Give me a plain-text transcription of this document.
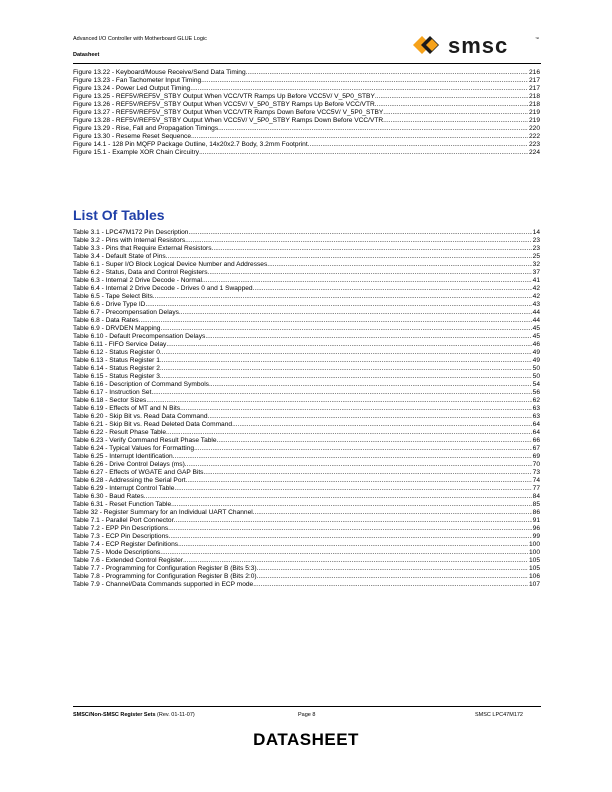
Advanced I/O Controller with Motherboard GLUE Logic
Datasheet	smsc	™
Figure 13.22 - Keyboard/Mouse Receive/Send Data Timing .....	216
Figure 13.23 - Fan Tachometer Input Timing .....	217
Figure 13.24 - Power Led Output Timing .....	217
Figure 13.25 - REF5V/REF5V_STBY Output When VCC/VTR Ramps Up Before VCC5V/ V_5P0_STBY .....	218
Figure 13.26 - REF5V/REF5V_STBY Output When VCC5V/ V_5P0_STBY Ramps Up Before VCC/VTR .....	218
Figure 13.27 - REF5V/REF5V_STBY Output When VCC/VTR Ramps Down Before VCC5V/ V_5P0_STBY .....	219
Figure 13.28 - REF5V/REF5V_STBY Output When VCC5V/ V_5P0_STBY Ramps Down Before VCC/VTR .....	219
Figure 13.29 - Rise, Fall and Propagation Timings .....	220
Figure 13.30 - Reseme Reset Sequence .....	222
Figure 14.1 - 128 Pin MQFP Package Outline, 14x20x2.7 Body, 3.2mm Footprint .....	223
Figure 15.1 - Example XOR Chain Circuitry .....	224
List Of Tables
Table 3.1 - LPC47M172 Pin Description .....	14
Table 3.2 - Pins with Internal Resistors .....	23
Table 3.3 - Pins that Require External Resistors .....	23
Table 3.4 - Default State of Pins .....	25
Table 6.1 - Super I/O Block Logical Device Number and Addresses .....	32
Table 6.2 - Status, Data and Control Registers .....	37
Table 6.3 - Internal 2 Drive Decode - Normal .....	41
Table 6.4 - Internal 2 Drive Decode - Drives 0 and 1 Swapped .....	42
Table 6.5 - Tape Select Bits .....	42
Table 6.6 - Drive Type ID .....	43
Table 6.7 - Precompensation Delays .....	44
Table 6.8 - Data Rates .....	44
Table 6.9 - DRVDEN Mapping .....	45
Table 6.10 - Default Precompensation Delays .....	45
Table 6.11 - FIFO Service Delay .....	46
Table 6.12 - Status Register 0 .....	49
Table 6.13 - Status Register 1 .....	49
Table 6.14 - Status Register 2 .....	50
Table 6.15 - Status Register 3 .....	50
Table 6.16 - Description of Command Symbols .....	54
Table 6.17 - Instruction Set .....	56
Table 6.18 - Sector Sizes .....	62
Table 6.19 - Effects of MT and N Bits .....	63
Table 6.20 - Skip Bit vs. Read Data Command .....	63
Table 6.21 - Skip Bit vs. Read Deleted Data Command .....	64
Table 6.22 - Result Phase Table .....	64
Table 6.23 - Verify Command Result Phase Table .....	66
Table 6.24 - Typical Values for Formatting .....	67
Table 6.25 - Interrupt Identification .....	69
Table 6.26 - Drive Control Delays (ms) .....	70
Table 6.27 - Effects of WGATE and GAP Bits .....	73
Table 6.28 - Addressing the Serial Port .....	74
Table 6.29 - Interrupt Control Table .....	77
Table 6.30 - Baud Rates .....	84
Table 6.31 - Reset Function Table .....	85
Table 32 - Register Summary for an Individual UART Channel .....	86
Table 7.1 - Parallel Port Connector .....	91
Table 7.2 - EPP Pin Descriptions .....	96
Table 7.3 - ECP Pin Descriptions .....	99
Table 7.4 - ECP Register Definitions .....	100
Table 7.5 - Mode Descriptions .....	100
Table 7.6 - Extended Control Register .....	105
Table 7.7 - Programming for Configuration Register B (Bits 5:3) .....	105
Table 7.8 - Programming for Configuration Register B (Bits 2:0) .....	106
Table 7.9 - Channel/Data Commands supported in ECP mode .....	107
SMSC/Non-SMSC Register Sets (Rev. 01-11-07)	Page 8	SMSC LPC47M172
DATASHEET
